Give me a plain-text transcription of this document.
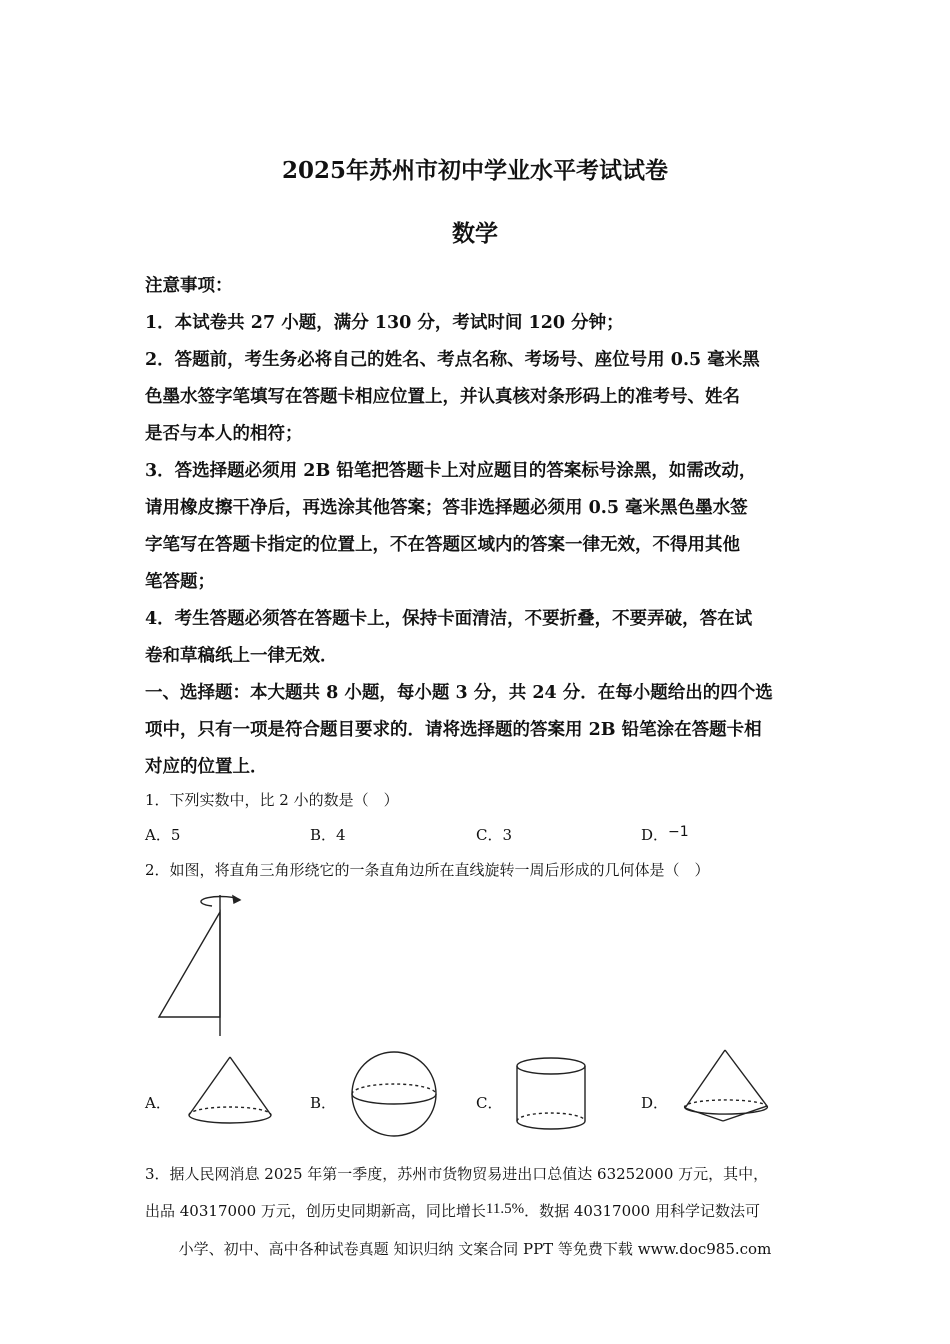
2025年苏州市初中学业水平考试试卷
数学
注意事项：
1．本试卷共 27 小题，满分 130 分，考试时间 120 分钟；
2．答题前，考生务必将自己的姓名、考点名称、考场号、座位号用 0.5 毫米黑
色墨水签字笔填写在答题卡相应位置上，并认真核对条形码上的准考号、姓名
是否与本人的相符；
3．答选择题必须用 2B 铅笔把答题卡上对应题目的答案标号涂黑，如需改动，
请用橡皮擦干净后，再选涂其他答案；答非选择题必须用 0.5 毫米黑色墨水签
字笔写在答题卡指定的位置上，不在答题区域内的答案一律无效，不得用其他
笔答题；
4．考生答题必须答在答题卡上，保持卡面清洁，不要折叠，不要弄破，答在试
卷和草稿纸上一律无效．
一、选择题：本大题共 8 小题，每小题 3 分，共 24 分．在每小题给出的四个选
项中，只有一项是符合题目要求的．请将选择题的答案用 2B 铅笔涂在答题卡相
对应的位置上．
1．下列实数中，比 2 小的数是（　）
A．5	B．4	C．3	D．−1
2．如图，将直角三角形绕它的一条直角边所在直线旋转一周后形成的几何体是（　）
A．	B．	C．	D．
3．据人民网消息 2025 年第一季度，苏州市货物贸易进出口总值达 63252000 万元，其中，
出品 40317000 万元，创历史同期新高，同比增长11.5%．数据 40317000 用科学记数法可
小学、初中、高中各种试卷真题 知识归纳 文案合同 PPT 等免费下载 www.doc985.com
